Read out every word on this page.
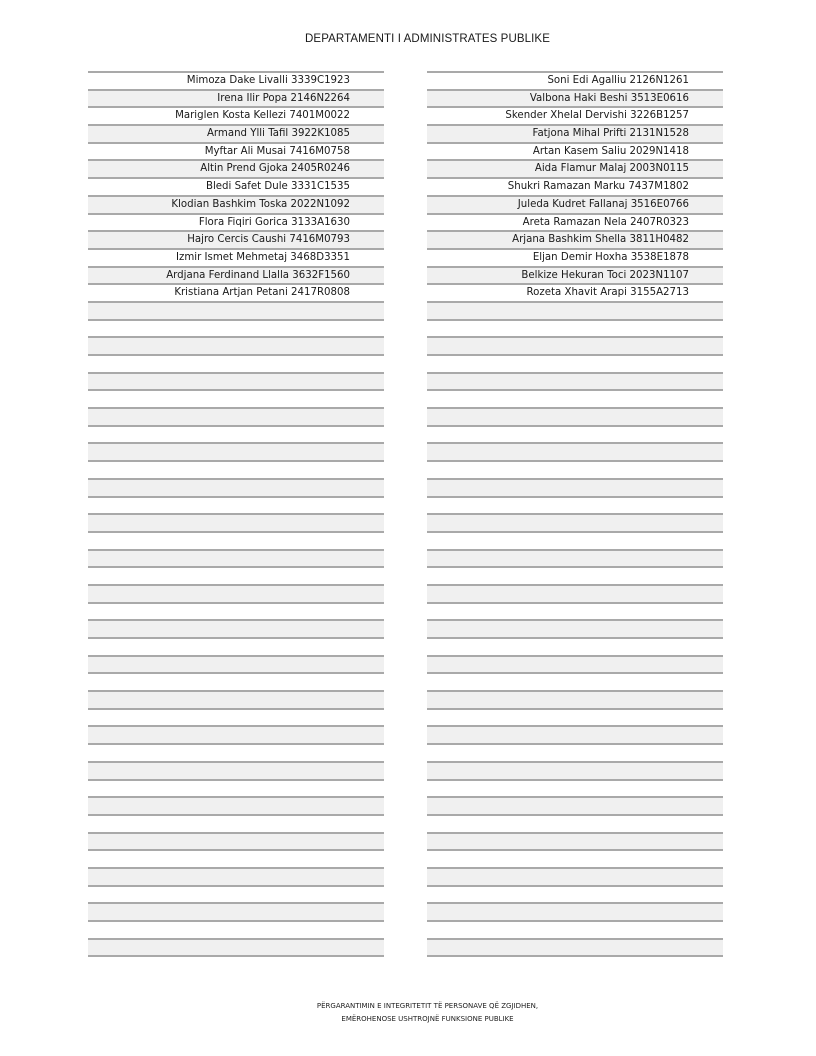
DEPARTAMENTI I ADMINISTRATES PUBLIKE
Mimoza Dake Livalli 3339C1923
Irena Ilir Popa 2146N2264
Mariglen Kosta Kellezi 7401M0022
Armand Ylli Tafil 3922K1085
Myftar Ali Musai 7416M0758
Altin Prend Gjoka 2405R0246
Bledi Safet Dule 3331C1535
Klodian Bashkim Toska 2022N1092
Flora Fiqiri Gorica 3133A1630
Hajro Cercis Caushi 7416M0793
Izmir Ismet Mehmetaj 3468D3351
Ardjana Ferdinand Llalla 3632F1560
Kristiana Artjan Petani 2417R0808
Soni Edi Agalliu 2126N1261
Valbona Haki Beshi 3513E0616
Skender Xhelal Dervishi 3226B1257
Fatjona Mihal Prifti 2131N1528
Artan Kasem Saliu 2029N1418
Aida Flamur Malaj 2003N0115
Shukri Ramazan Marku 7437M1802
Juleda Kudret Fallanaj 3516E0766
Areta Ramazan Nela 2407R0323
Arjana Bashkim Shella 3811H0482
Eljan Demir Hoxha 3538E1878
Belkize Hekuran Toci 2023N1107
Rozeta Xhavit Arapi 3155A2713
PËRGARANTIMIN E INTEGRITETIT TË PERSONAVE QË ZGJIDHEN,
EMËROHENOSE USHTROJNË FUNKSIONE PUBLIKE
